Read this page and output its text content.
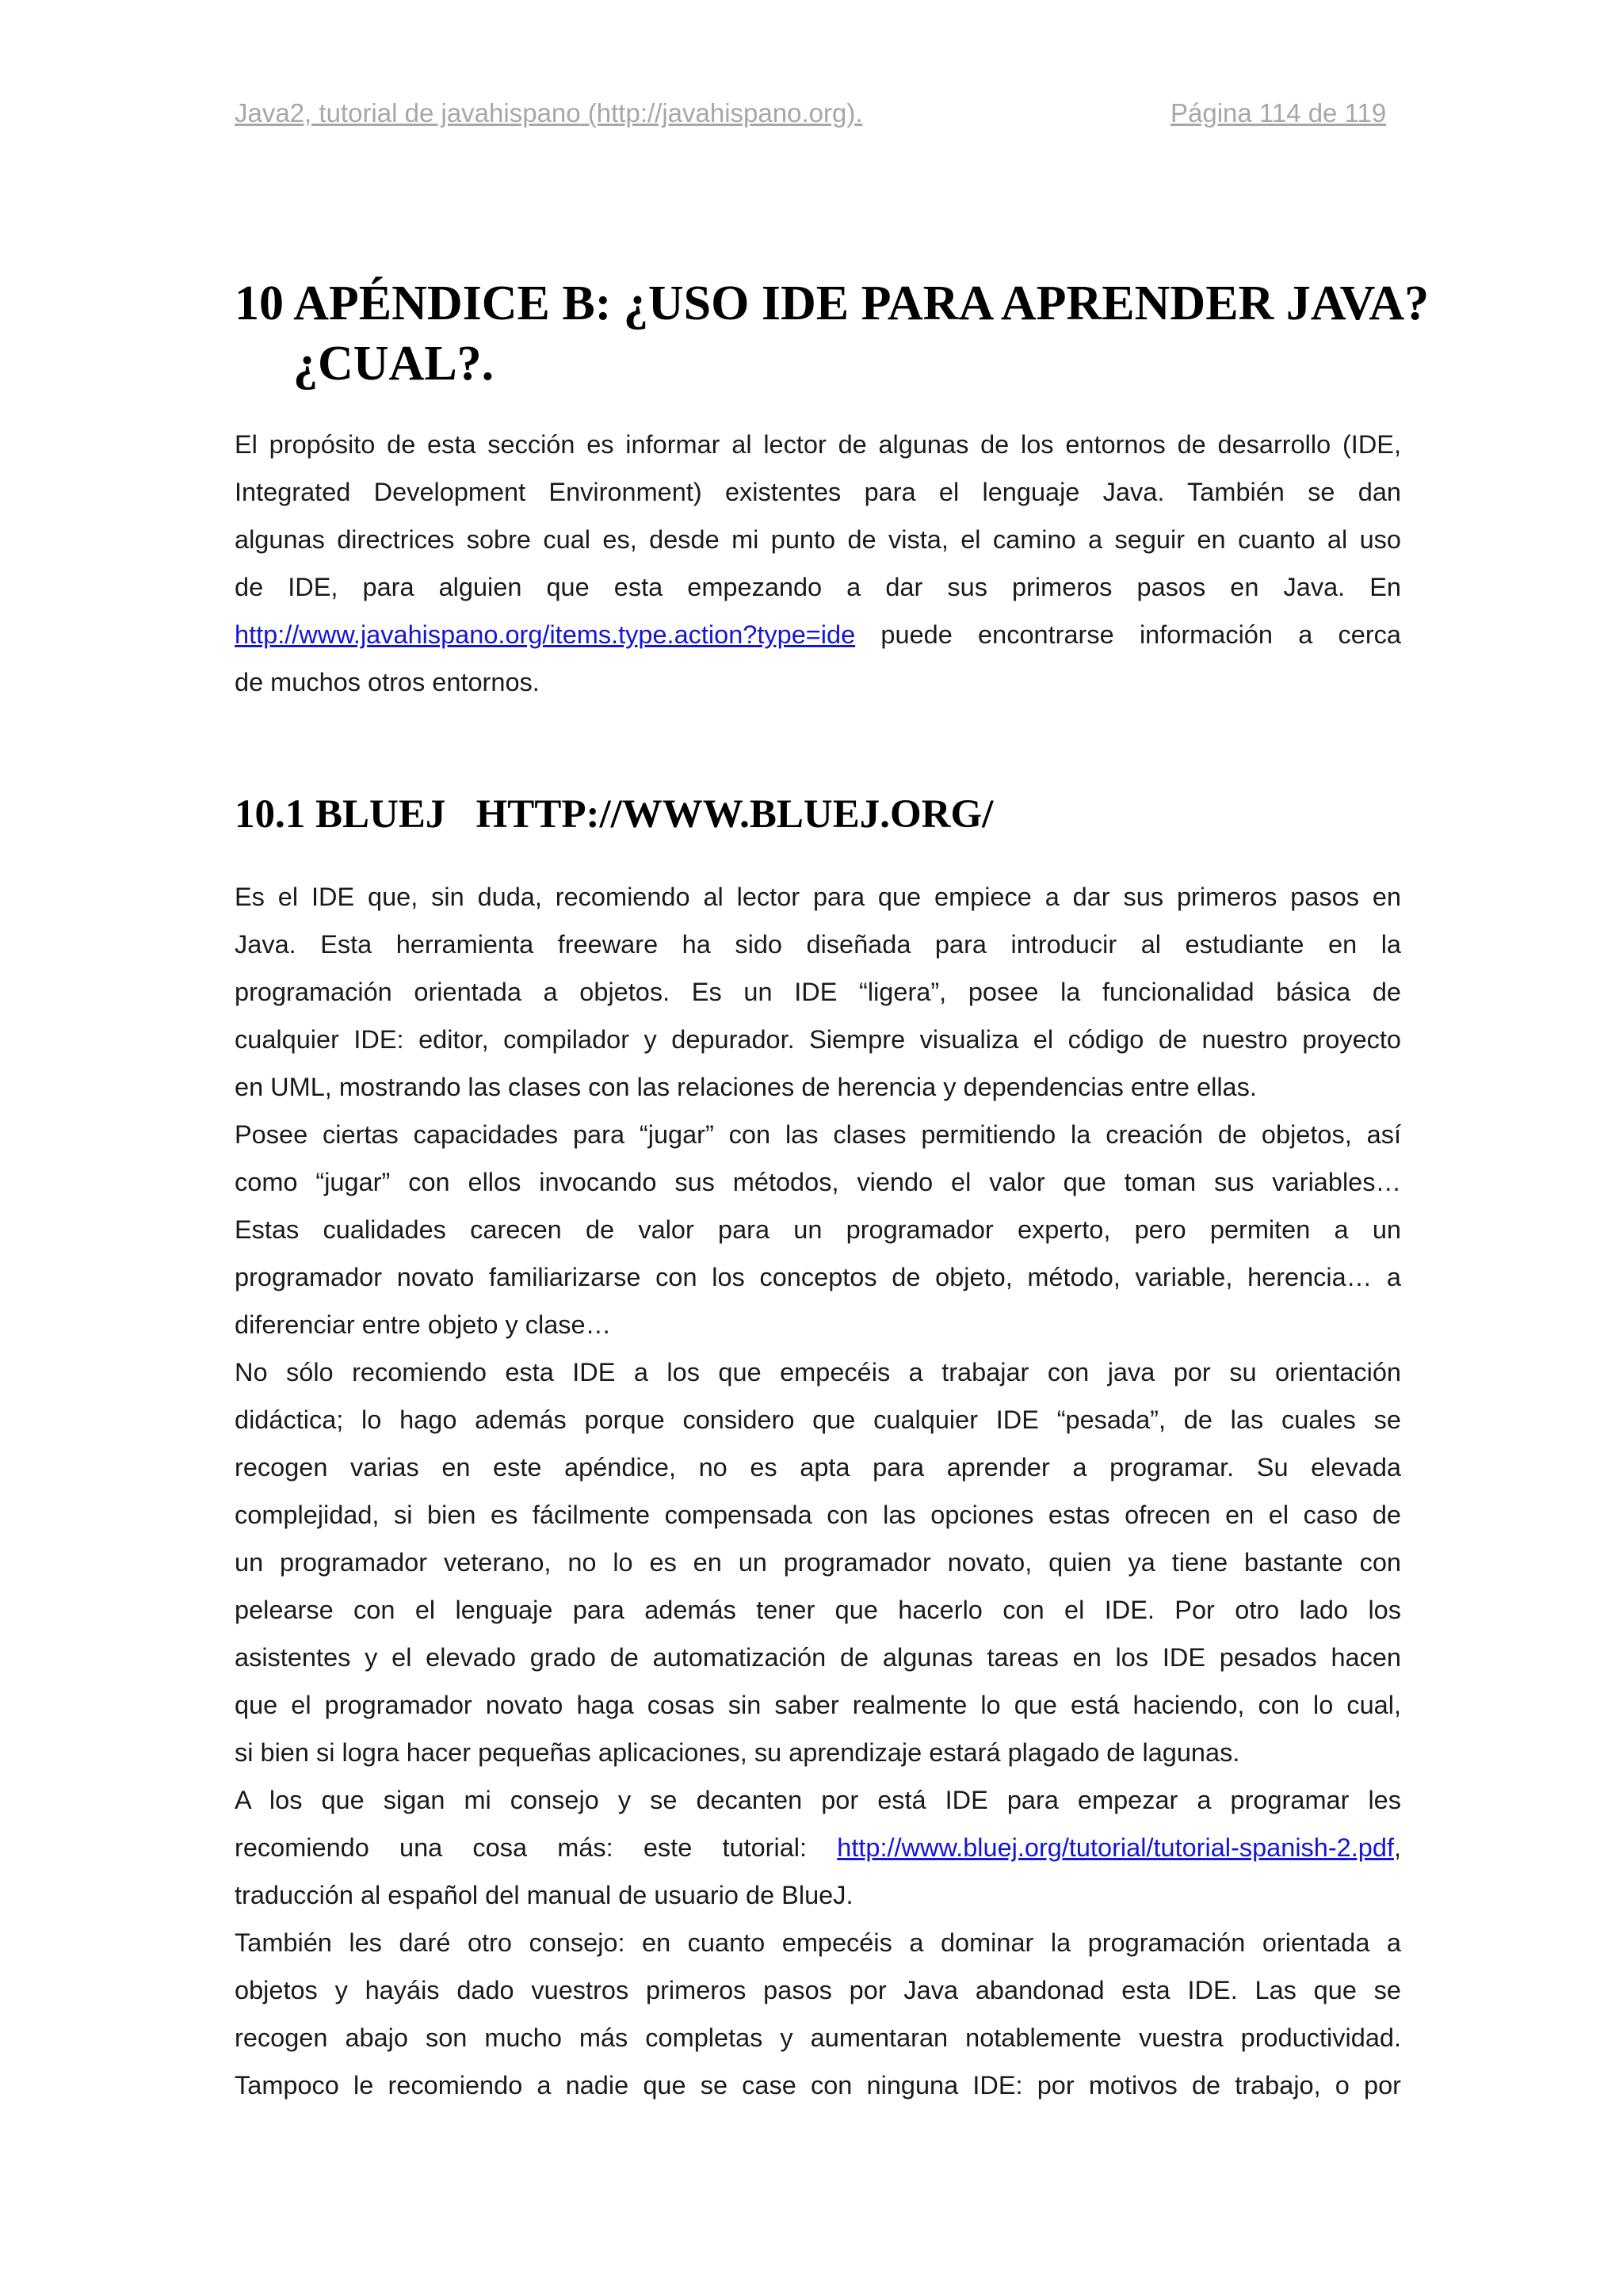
Java2, tutorial de javahispano (http://javahispano.org).	Página 114 de 119
10 APÉNDICE B: ¿USO IDE PARA APRENDER JAVA? ¿CUAL?.
El propósito de esta sección es informar al lector de algunas de los entornos de desarrollo (IDE,
Integrated Development Environment) existentes para el lenguaje Java. También se dan
algunas directrices sobre cual es, desde mi punto de vista, el camino a seguir en cuanto al uso
de IDE, para alguien que esta empezando a dar sus primeros pasos en Java. En
http://www.javahispano.org/items.type.action?type=ide puede encontrarse información a cerca
de muchos otros entornos.
10.1 BLUEJ   HTTP://WWW.BLUEJ.ORG/
Es el IDE que, sin duda, recomiendo al lector para que empiece a dar sus primeros pasos en
Java. Esta herramienta freeware ha sido diseñada para introducir al estudiante en la
programación orientada a objetos. Es un IDE “ligera”, posee la funcionalidad básica de
cualquier IDE: editor, compilador y depurador. Siempre visualiza el código de nuestro proyecto
en UML, mostrando las clases con las relaciones de herencia y dependencias entre ellas.
Posee ciertas capacidades para “jugar” con las clases permitiendo la creación de objetos, así
como “jugar” con ellos invocando sus métodos, viendo el valor que toman sus variables…
Estas cualidades carecen de valor para un programador experto, pero permiten a un
programador novato familiarizarse con los conceptos de objeto, método, variable, herencia… a
diferenciar entre objeto y clase…
No sólo recomiendo esta IDE a los que empecéis a trabajar con java por su orientación
didáctica; lo hago además porque considero que cualquier IDE “pesada”, de las cuales se
recogen varias en este apéndice, no es apta para aprender a programar. Su elevada
complejidad, si bien es fácilmente compensada con las opciones estas ofrecen en el caso de
un programador veterano, no lo es en un programador novato, quien ya tiene bastante con
pelearse con el lenguaje para además tener que hacerlo con el IDE. Por otro lado los
asistentes y el elevado grado de automatización de algunas tareas en los IDE pesados hacen
que el programador novato haga cosas sin saber realmente lo que está haciendo, con lo cual,
si bien si logra hacer pequeñas aplicaciones, su aprendizaje estará plagado de lagunas.
A los que sigan mi consejo y se decanten por está IDE para empezar a programar les
recomiendo una cosa más: este tutorial: http://www.bluej.org/tutorial/tutorial-spanish-2.pdf,
traducción al español del manual de usuario de BlueJ.
También les daré otro consejo: en cuanto empecéis a dominar la programación orientada a
objetos y hayáis dado vuestros primeros pasos por Java abandonad esta IDE. Las que se
recogen abajo son mucho más completas y aumentaran notablemente vuestra productividad.
Tampoco le recomiendo a nadie que se case con ninguna IDE: por motivos de trabajo, o por
